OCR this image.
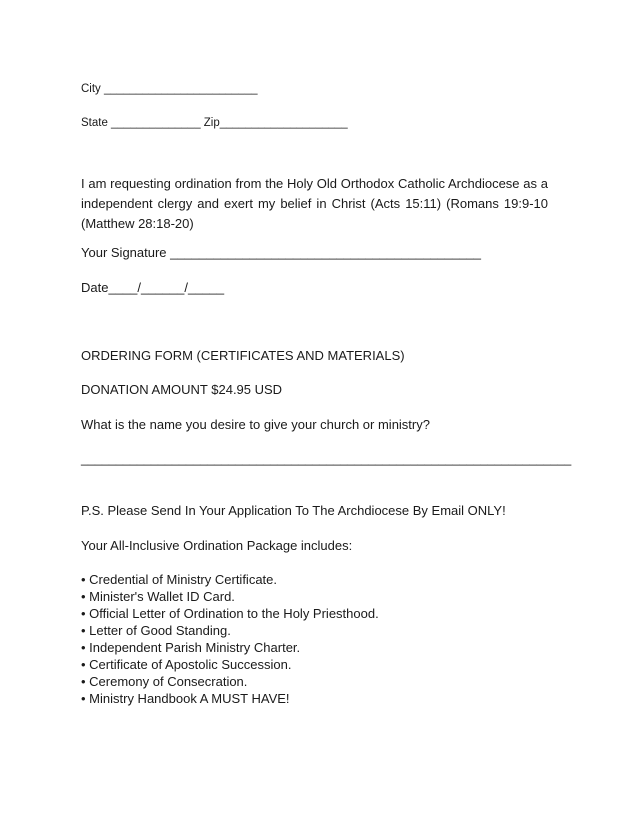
City ________________________
State ______________ Zip____________________
I am requesting ordination from the Holy Old Orthodox Catholic Archdiocese as a
independent clergy and exert my belief in Christ (Acts 15:11) (Romans 19:9-10
(Matthew 28:18-20)
Your Signature ___________________________________________
Date____/______/_____
ORDERING FORM (CERTIFICATES AND MATERIALS)
DONATION AMOUNT $24.95 USD
What is the name you desire to give your church or ministry?
______________________________________________________________________
P.S. Please Send In Your Application To The Archdiocese By Email ONLY!
Your All-Inclusive Ordination Package includes:
• Credential of Ministry Certificate.
• Minister's Wallet ID Card.
• Official Letter of Ordination to the Holy Priesthood.
• Letter of Good Standing.
• Independent Parish Ministry Charter.
• Certificate of Apostolic Succession.
• Ceremony of Consecration.
• Ministry Handbook A MUST HAVE!
